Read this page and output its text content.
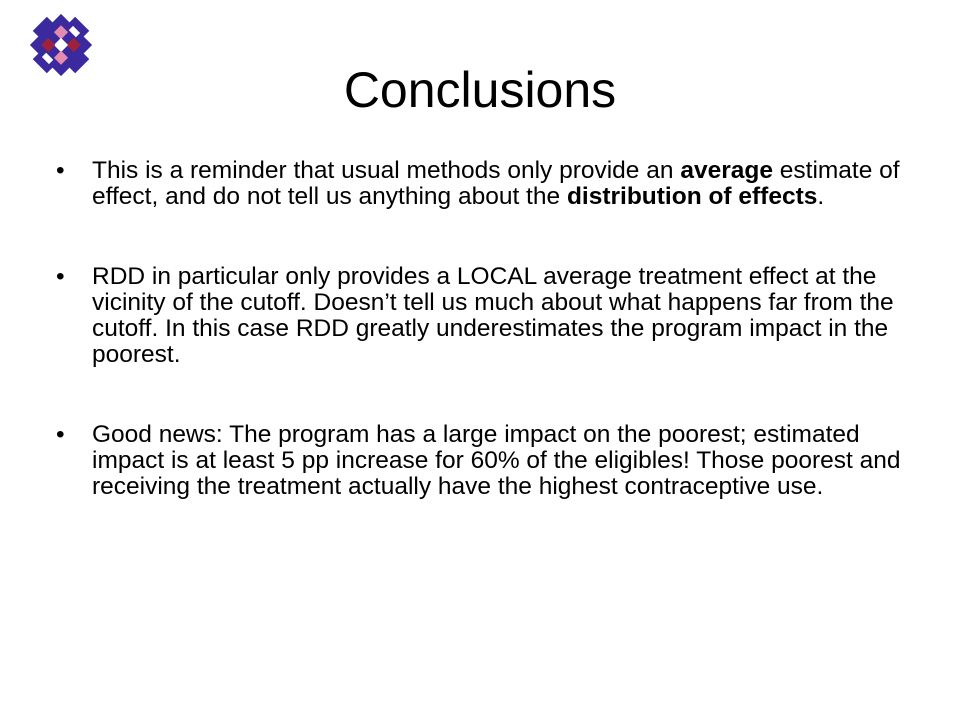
Conclusions
• This is a reminder that usual methods only provide an average estimate of effect, and do not tell us anything about the distribution of effects.
• RDD in particular only provides a LOCAL average treatment effect at the vicinity of the cutoff. Doesn’t tell us much about what happens far from the cutoff. In this case RDD greatly underestimates the program impact in the poorest.
• Good news: The program has a large impact on the poorest; estimated impact is at least 5 pp increase for 60% of the eligibles! Those poorest and receiving the treatment actually have the highest contraceptive use.
